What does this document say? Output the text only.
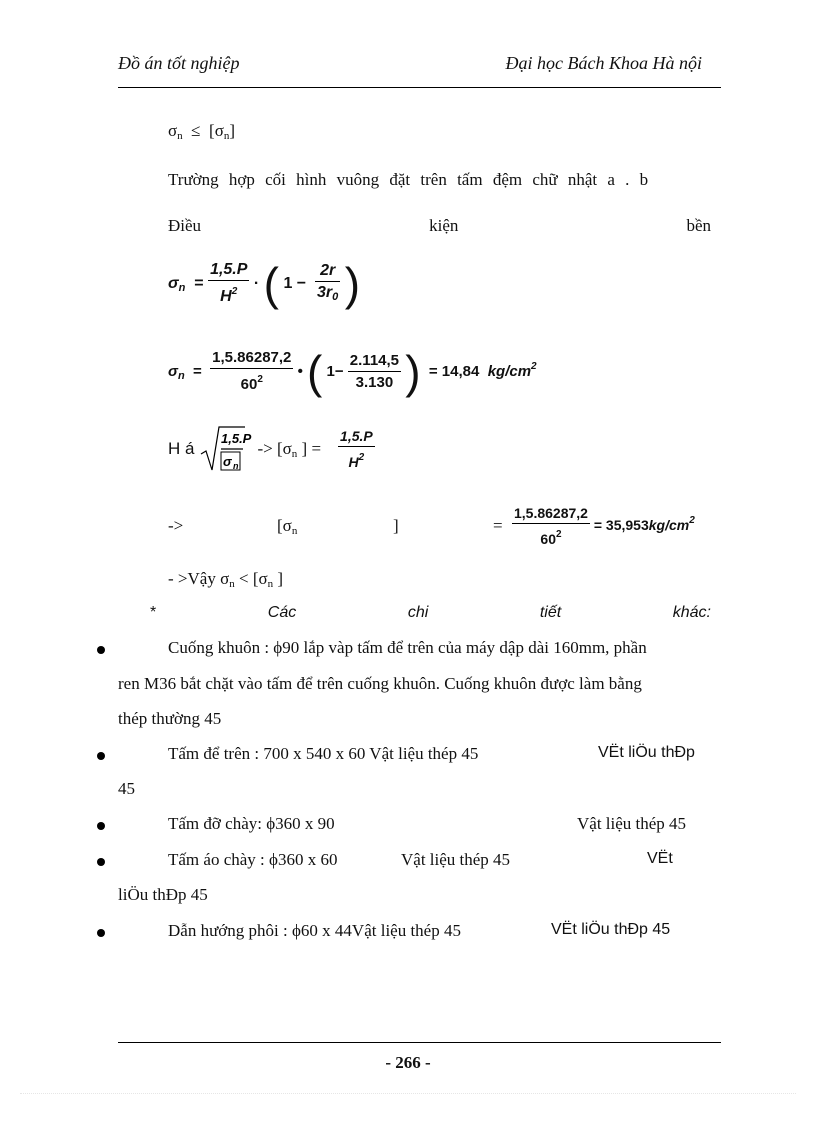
Đồ án tốt nghiệp	Đại học Bách Khoa Hà nội
$\sigma_n \le [\sigma_n]$
Trường hợp cối hình vuông đặt trên tấm đệm chữ nhật a . b
Điều	kiện	bền
$\sigma_n = \frac{1,5.P}{H^2}$ · ( $1 - \frac{2r}{3r_0}$ )
$\sigma_n = \frac{1,5.86287,2}{60^2}$ • ( $1- \frac{2.114,5}{3.130}$ )  = 14,84 $kg/cm^2$
H á
1,5.P
σ n
-> [$\sigma_n$ ] = $\frac{1,5.P}{H^2}$
->	[$\sigma_n$	]	= $\frac{1,5.86287,2}{60^2} = 35,953kg/cm^2$
- >Vậy $\sigma_n < [\sigma_n$ ]
*	Các	chi	tiết	khác:
Cuống khuôn : ϕ90 lắp vàp tấm để trên của máy dập dài 160mm, phần
ren M36 bắt chặt vào tấm để trên cuống khuôn. Cuống khuôn được làm bằng
thép thường 45
Tấm để trên : 700 x 540 x 60 Vật liệu thép 45	VËt liÖu thÐp
45
Tấm đỡ chày: ϕ360 x 90	Vật liệu thép 45
Tấm áo chày : ϕ360 x 60	Vật liệu thép 45	VËt
liÖu thÐp 45
Dẫn hướng phôi : ϕ60 x 44Vật liệu thép 45	VËt liÖu thÐp 45
- 266 -
